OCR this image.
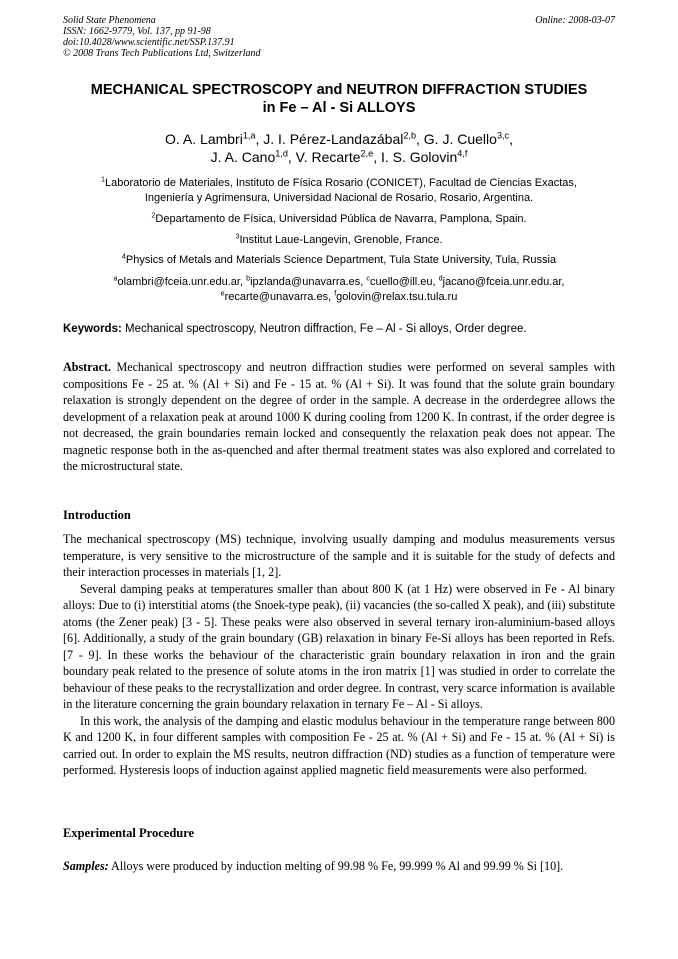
Solid State Phenomena
ISSN: 1662-9779, Vol. 137, pp 91-98
doi:10.4028/www.scientific.net/SSP.137.91
© 2008 Trans Tech Publications Ltd, Switzerland
Online: 2008-03-07
MECHANICAL SPECTROSCOPY and NEUTRON DIFFRACTION STUDIES
in Fe – Al - Si ALLOYS
O. A. Lambri$^{1,a}$, J. I. Pérez-Landazábal$^{2,b}$, G. J. Cuello$^{3,c}$,
J. A. Cano$^{1,d}$, V. Recarte$^{2,e}$, I. S. Golovin$^{4,f}$
$^1$Laboratorio de Materiales, Instituto de Física Rosario (CONICET), Facultad de Ciencias Exactas,
Ingeniería y Agrimensura, Universidad Nacional de Rosario, Rosario, Argentina.
$^2$Departamento de Física, Universidad Pública de Navarra, Pamplona, Spain.
$^3$Institut Laue-Langevin, Grenoble, France.
$^4$Physics of Metals and Materials Science Department, Tula State University, Tula, Russia
$^a$olambri@fceia.unr.edu.ar, $^b$ipzlanda@unavarra.es, $^c$cuello@ill.eu, $^d$jacano@fceia.unr.edu.ar,
$^e$recarte@unavarra.es, $^f$golovin@relax.tsu.tula.ru
Keywords: Mechanical spectroscopy, Neutron diffraction, Fe – Al - Si alloys, Order degree.

Abstract. Mechanical spectroscopy and neutron diffraction studies were performed on several samples with compositions Fe - 25 at. % (Al + Si) and Fe - 15 at. % (Al + Si). It was found that the solute grain boundary relaxation is strongly dependent on the degree of order in the sample. A decrease in the orderdegree allows the development of a relaxation peak at around 1000 K during cooling from 1200 K. In contrast, if the order degree is not decreased, the grain boundaries remain locked and consequently the relaxation peak does not appear. The magnetic response both in the as-quenched and after thermal treatment states was also explored and correlated to the microstructural state.

Introduction

The mechanical spectroscopy (MS) technique, involving usually damping and modulus measurements versus temperature, is very sensitive to the microstructure of the sample and it is suitable for the study of defects and their interaction processes in materials [1, 2].

Several damping peaks at temperatures smaller than about 800 K (at 1 Hz) were observed in Fe - Al binary alloys: Due to (i) interstitial atoms (the Snoek-type peak), (ii) vacancies (the so-called X peak), and (iii) substitute atoms (the Zener peak) [3 - 5]. These peaks were also observed in several ternary iron-aluminium-based alloys [6]. Additionally, a study of the grain boundary (GB) relaxation in binary Fe-Si alloys has been reported in Refs. [7 - 9]. In these works the behaviour of the characteristic grain boundary relaxation in iron and the grain boundary peak related to the presence of solute atoms in the iron matrix [1] was studied in order to correlate the behaviour of these peaks to the recrystallization and order degree. In contrast, very scarce information is available in the literature concerning the grain boundary relaxation in ternary Fe – Al - Si alloys.

In this work, the analysis of the damping and elastic modulus behaviour in the temperature range between 800 K and 1200 K, in four different samples with composition Fe - 25 at. % (Al + Si) and Fe - 15 at. % (Al + Si) is carried out. In order to explain the MS results, neutron diffraction (ND) studies as a function of temperature were performed. Hysteresis loops of induction against applied magnetic field measurements were also performed.

Experimental Procedure

Samples: Alloys were produced by induction melting of 99.98 % Fe, 99.999 % Al and 99.99 % Si [10].
